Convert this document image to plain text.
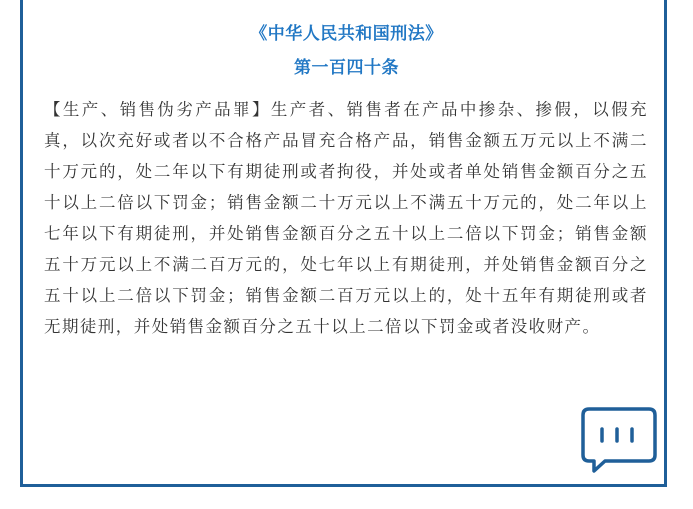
《中华人民共和国刑法》
第一百四十条

【生产、销售伪劣产品罪】生产者、销售者在产品中掺杂、掺假，以假充真，以次充好或者以不合格产品冒充合格产品，销售金额五万元以上不满二十万元的，处二年以下有期徒刑或者拘役，并处或者单处销售金额百分之五十以上二倍以下罚金；销售金额二十万元以上不满五十万元的，处二年以上七年以下有期徒刑，并处销售金额百分之五十以上二倍以下罚金；销售金额五十万元以上不满二百万元的，处七年以上有期徒刑，并处销售金额百分之五十以上二倍以下罚金；销售金额二百万元以上的，处十五年有期徒刑或者无期徒刑，并处销售金额百分之五十以上二倍以下罚金或者没收财产。
